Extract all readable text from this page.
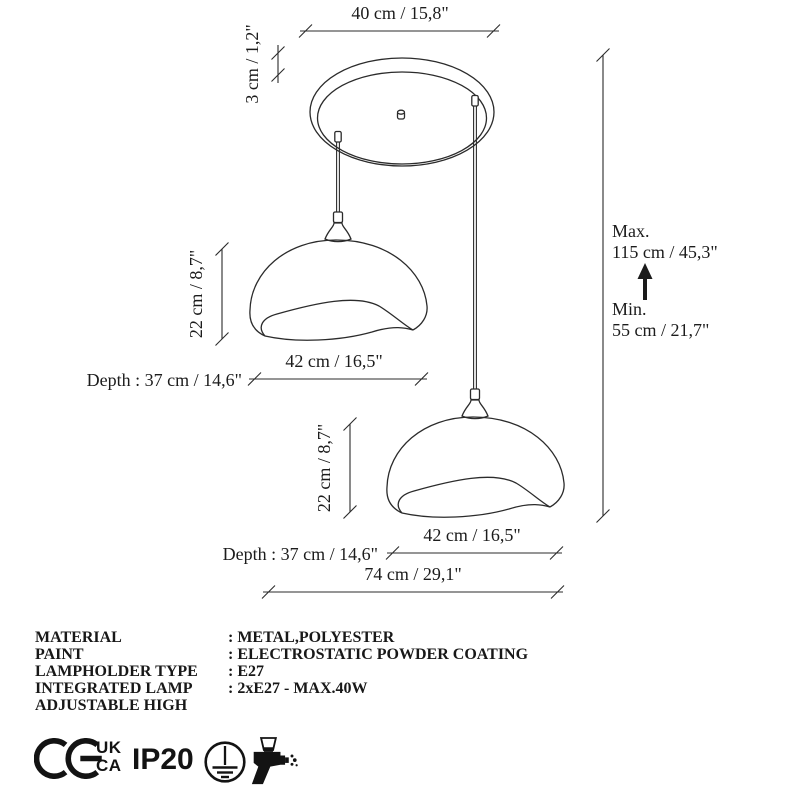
40 cm / 15,8"
3 cm / 1,2"
Max.
115 cm / 45,3"
Min.
55 cm / 21,7"
22 cm / 8,7"
42 cm / 16,5"
Depth : 37 cm / 14,6"
22 cm / 8,7"
42 cm / 16,5"
Depth : 37 cm / 14,6"
74 cm / 29,1"
MATERIAL	: METAL,POLYESTER
PAINT	: ELECTROSTATIC POWDER COATING
LAMPHOLDER TYPE	: E27
INTEGRATED LAMP	: 2xE27 - MAX.40W
ADJUSTABLE HIGH
UK
CA IP20
